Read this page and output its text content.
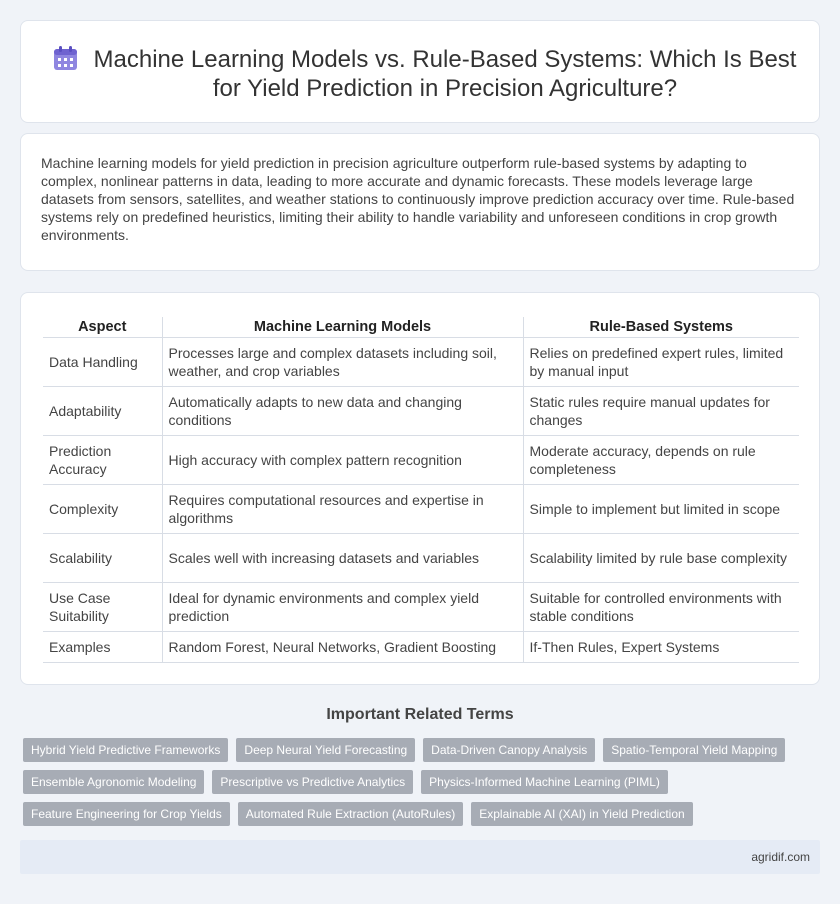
Machine Learning Models vs. Rule-Based Systems: Which Is Best for Yield Prediction in Precision Agriculture?

Machine learning models for yield prediction in precision agriculture outperform rule-based systems by adapting to complex, nonlinear patterns in data, leading to more accurate and dynamic forecasts. These models leverage large datasets from sensors, satellites, and weather stations to continuously improve prediction accuracy over time. Rule-based systems rely on predefined heuristics, limiting their ability to handle variability and unforeseen conditions in crop growth environments.

Aspect	Machine Learning Models	Rule-Based Systems
Data Handling	Processes large and complex datasets including soil, weather, and crop variables	Relies on predefined expert rules, limited by manual input
Adaptability	Automatically adapts to new data and changing conditions	Static rules require manual updates for changes
Prediction Accuracy	High accuracy with complex pattern recognition	Moderate accuracy, depends on rule completeness
Complexity	Requires computational resources and expertise in algorithms	Simple to implement but limited in scope
Scalability	Scales well with increasing datasets and variables	Scalability limited by rule base complexity
Use Case Suitability	Ideal for dynamic environments and complex yield prediction	Suitable for controlled environments with stable conditions
Examples	Random Forest, Neural Networks, Gradient Boosting	If-Then Rules, Expert Systems
Important Related Terms
Hybrid Yield Predictive Frameworks	Deep Neural Yield Forecasting	Data-Driven Canopy Analysis	Spatio-Temporal Yield Mapping
Ensemble Agronomic Modeling	Prescriptive vs Predictive Analytics	Physics-Informed Machine Learning (PIML)
Feature Engineering for Crop Yields	Automated Rule Extraction (AutoRules)	Explainable AI (XAI) in Yield Prediction
agridif.com
